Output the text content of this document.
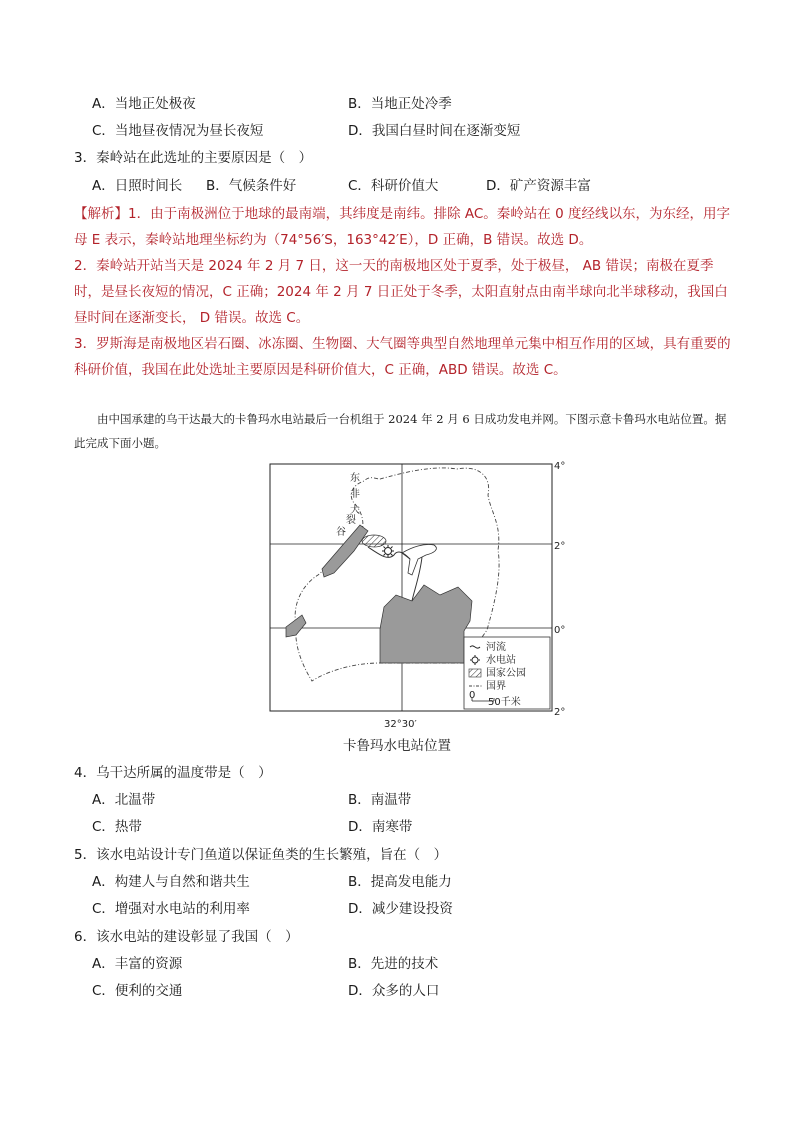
A．当地正处极夜	B．当地正处冷季
C．当地昼夜情况为昼长夜短	D．我国白昼时间在逐渐变短
3．秦岭站在此选址的主要原因是（　）
A．日照时间长 B．气候条件好	C．科研价值大	D．矿产资源丰富
【解析】1．由于南极洲位于地球的最南端，其纬度是南纬。排除 AC。秦岭站在 0 度经线以东，为东经，用字母 E 表示，秦岭站地理坐标约为（74°56′S，163°42′E），D 正确，B 错误。故选 D。
2．秦岭站开站当天是 2024 年 2 月 7 日，这一天的南极地区处于夏季，处于极昼， AB 错误；南极在夏季时，是昼长夜短的情况，C 正确；2024 年 2 月 7 日正处于冬季，太阳直射点由南半球向北半球移动，我国白昼时间在逐渐变长， D 错误。故选 C。
3．罗斯海是南极地区岩石圈、冰冻圈、生物圈、大气圈等典型自然地理单元集中相互作用的区域，具有重要的科研价值，我国在此处选址主要原因是科研价值大，C 正确，ABD 错误。故选 C。
由中国承建的乌干达最大的卡鲁玛水电站最后一台机组于 2024 年 2 月 6 日成功发电并网。下图示意卡鲁玛水电站位置。据此完成下面小题。
东
非
大
裂
谷
4°
2°
0°
2°
32°30′
河流
水电站
国家公园
国界
0
50千米
卡鲁玛水电站位置
4．乌干达所属的温度带是（　）
A．北温带	B．南温带
C．热带	D．南寒带
5．该水电站设计专门鱼道以保证鱼类的生长繁殖，旨在（　）
A．构建人与自然和谐共生	B．提高发电能力
C．增强对水电站的利用率	D．减少建设投资
6．该水电站的建设彰显了我国（　）
A．丰富的资源	B．先进的技术
C．便利的交通	D．众多的人口
